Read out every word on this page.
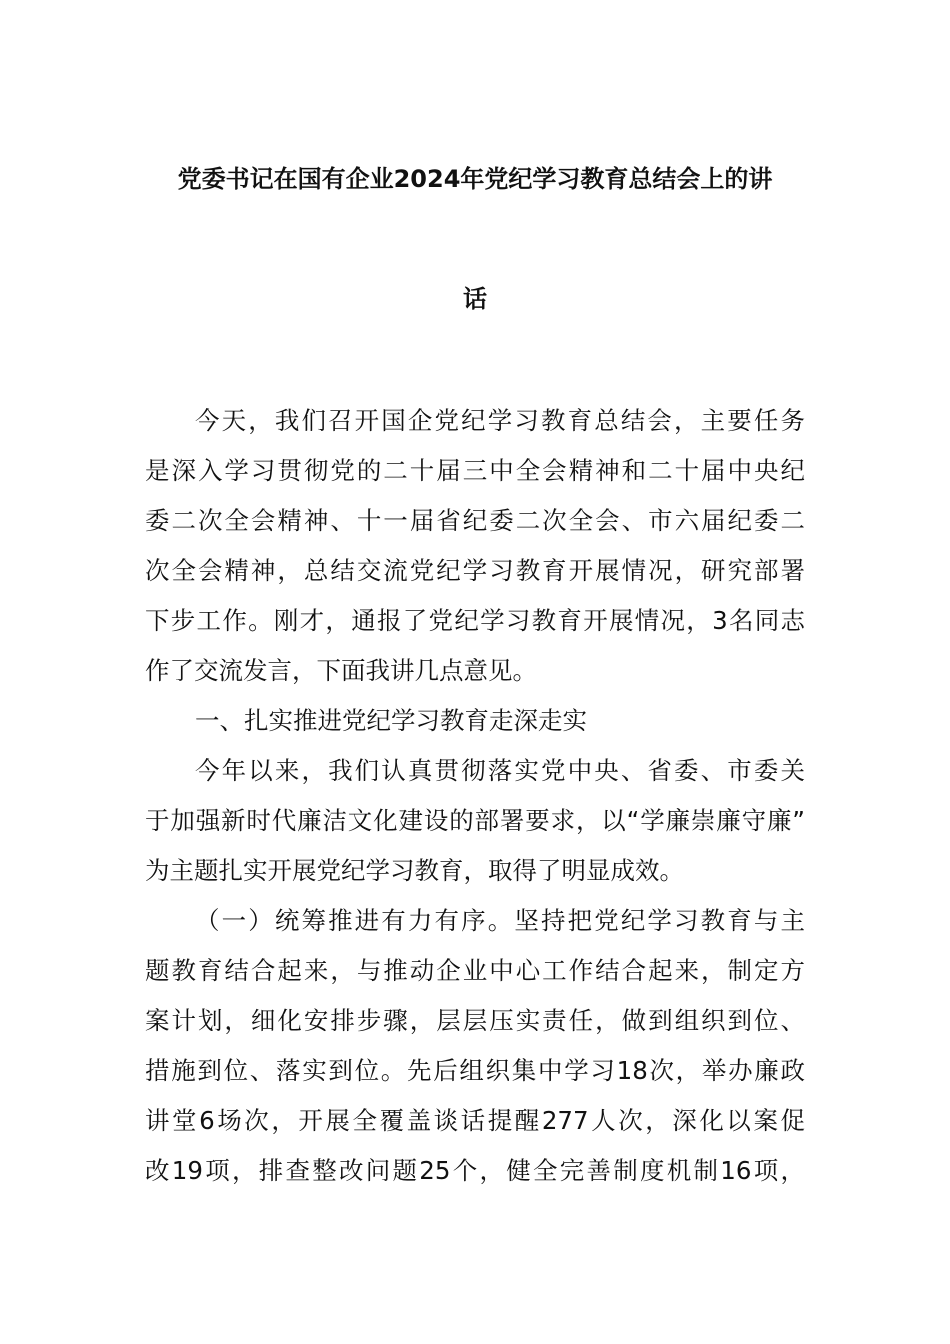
党委书记在国有企业2024年党纪学习教育总结会上的讲
话
今天，我们召开国企党纪学习教育总结会，主要任务
是深入学习贯彻党的二十届三中全会精神和二十届中央纪
委二次全会精神、十一届省纪委二次全会、市六届纪委二
次全会精神，总结交流党纪学习教育开展情况，研究部署
下步工作。刚才，通报了党纪学习教育开展情况，3名同志
作了交流发言，下面我讲几点意见。
一、扎实推进党纪学习教育走深走实
今年以来，我们认真贯彻落实党中央、省委、市委关
于加强新时代廉洁文化建设的部署要求，以“学廉崇廉守廉”
为主题扎实开展党纪学习教育，取得了明显成效。
（一）统筹推进有力有序。坚持把党纪学习教育与主
题教育结合起来，与推动企业中心工作结合起来，制定方
案计划，细化安排步骤，层层压实责任，做到组织到位、
措施到位、落实到位。先后组织集中学习18次，举办廉政
讲堂6场次，开展全覆盖谈话提醒277人次，深化以案促
改19项，排查整改问题25个，健全完善制度机制16项，
